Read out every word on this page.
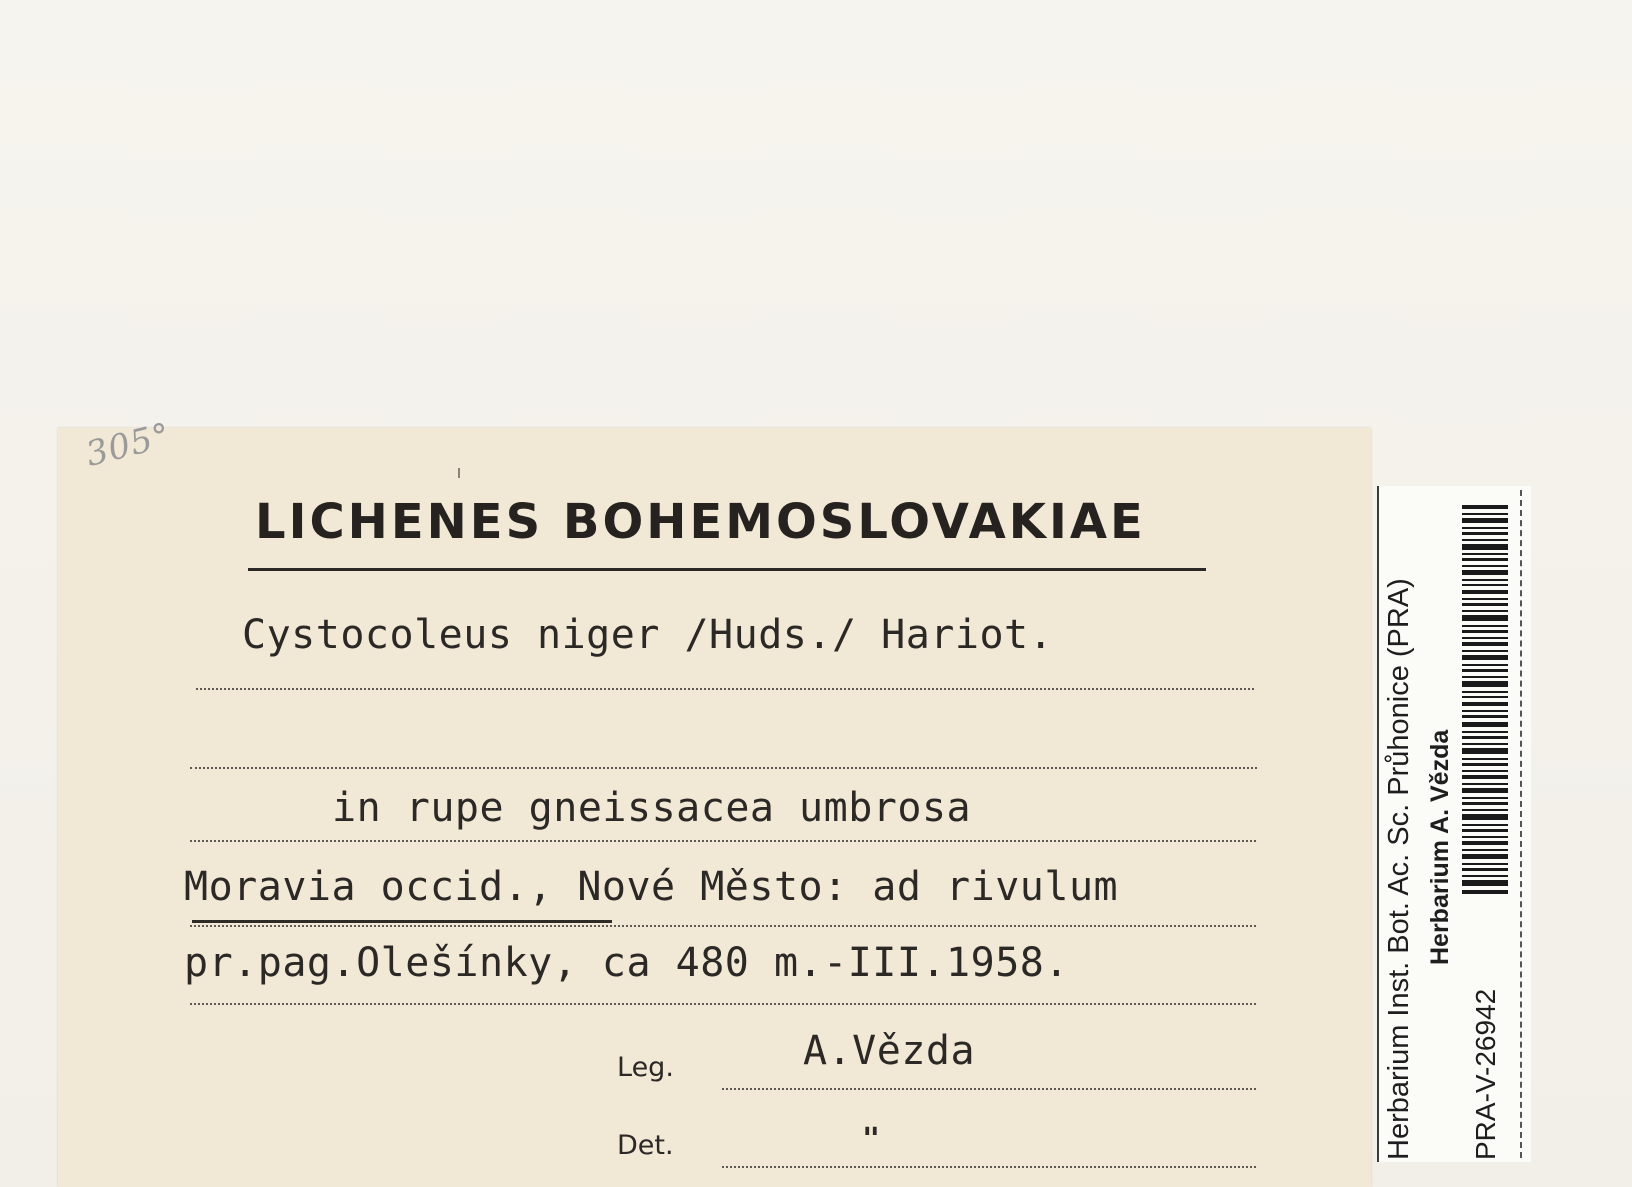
305°
LICHENES BOHEMOSLOVAKIAE
Cystocoleus niger /Huds./ Hariot.
in rupe gneissacea umbrosa
Moravia occid., Nové Město: ad rivulum
pr.pag.Olešínky, ca 480 m.-III.1958.
Leg.	A.Vězda
Det.	"	Herbarium Inst. Bot. Ac. Sc. Průhonice (PRA) Herbarium A. Vězda
PRA-V-26942
